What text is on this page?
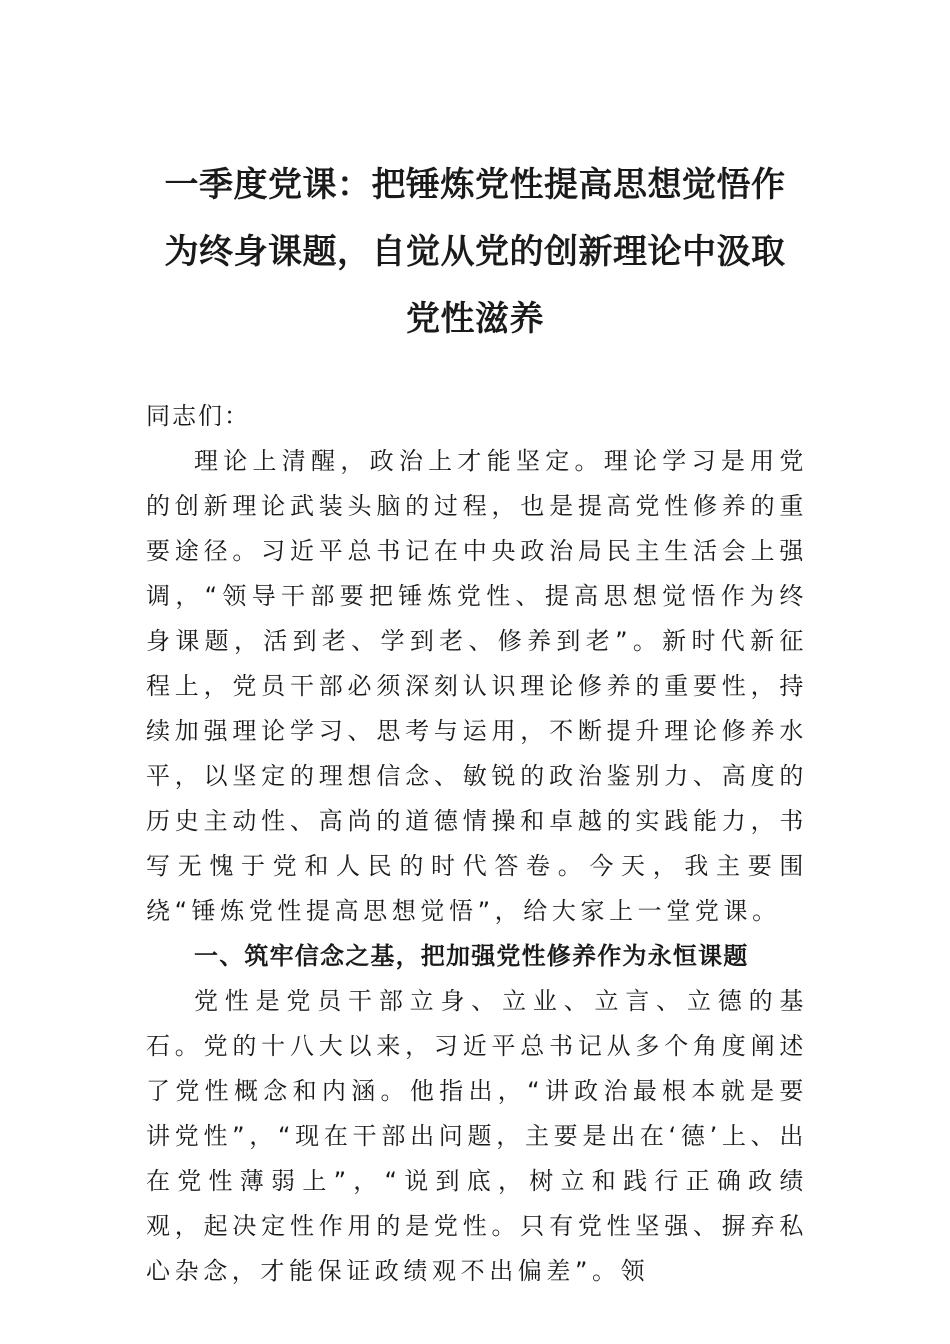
一季度党课：把锤炼党性提高思想觉悟作
为终身课题，自觉从党的创新理论中汲取
党性滋养

同志们：

理论上清醒，政治上才能坚定。理论学习是用党的创新理论武装头脑的过程，也是提高党性修养的重要途径。习近平总书记在中央政治局民主生活会上强调，“领导干部要把锤炼党性、提高思想觉悟作为终身课题，活到老、学到老、修养到老”。新时代新征程上，党员干部必须深刻认识理论修养的重要性，持续加强理论学习、思考与运用，不断提升理论修养水平，以坚定的理想信念、敏锐的政治鉴别力、高度的历史主动性、高尚的道德情操和卓越的实践能力，书写无愧于党和人民的时代答卷。今天，我主要围绕“锤炼党性提高思想觉悟”，给大家上一堂党课。

一、筑牢信念之基，把加强党性修养作为永恒课题

党性是党员干部立身、立业、立言、立德的基石。党的十八大以来，习近平总书记从多个角度阐述了党性概念和内涵。他指出，“讲政治最根本就是要讲党性”，“现在干部出问题，主要是出在‘德’上、出在党性薄弱上”，“说到底，树立和践行正确政绩观，起决定性作用的是党性。只有党性坚强、摒弃私心杂念，才能保证政绩观不出偏差”。领
